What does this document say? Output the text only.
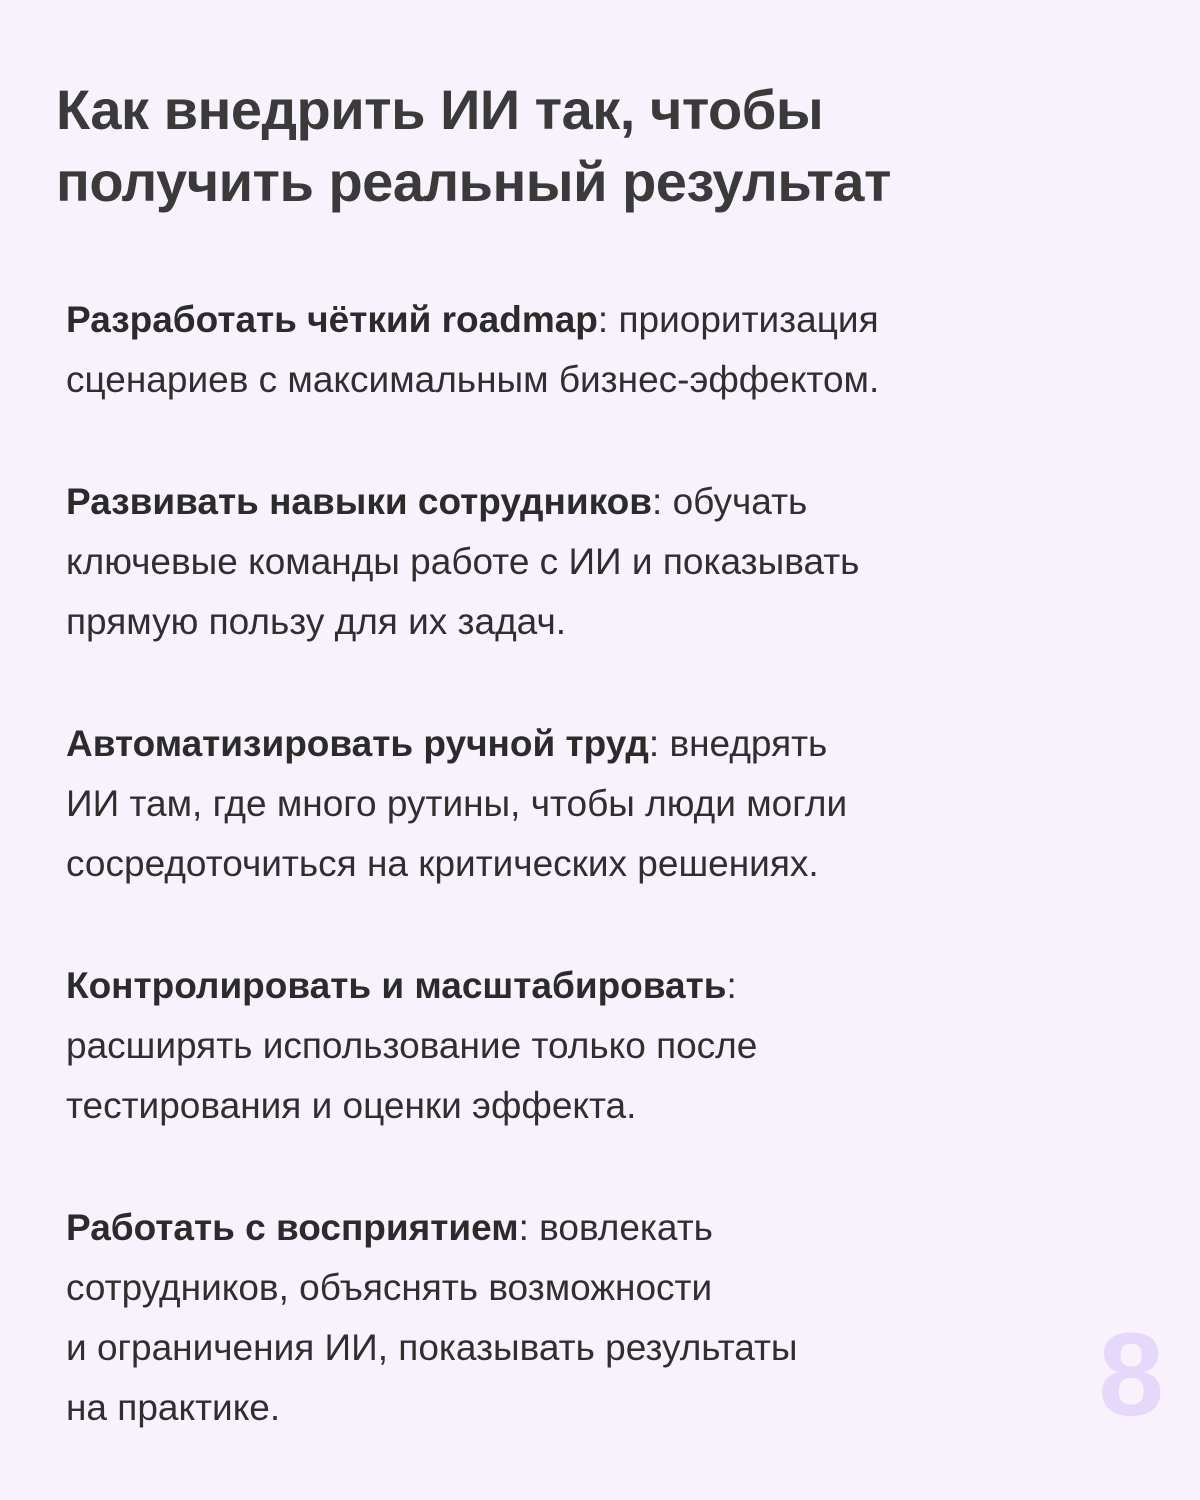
Как внедрить ИИ так, чтобы
получить реальный результат
Разработать чёткий roadmap: приоритизация
сценариев с максимальным бизнес-эффектом.
Развивать навыки сотрудников: обучать
ключевые команды работе с ИИ и показывать
прямую пользу для их задач.
Автоматизировать ручной труд: внедрять
ИИ там, где много рутины, чтобы люди могли
сосредоточиться на критических решениях.
Контролировать и масштабировать:
расширять использование только после
тестирования и оценки эффекта.
Работать с восприятием: вовлекать
сотрудников, объяснять возможности
и ограничения ИИ, показывать результаты
на практике.	8
